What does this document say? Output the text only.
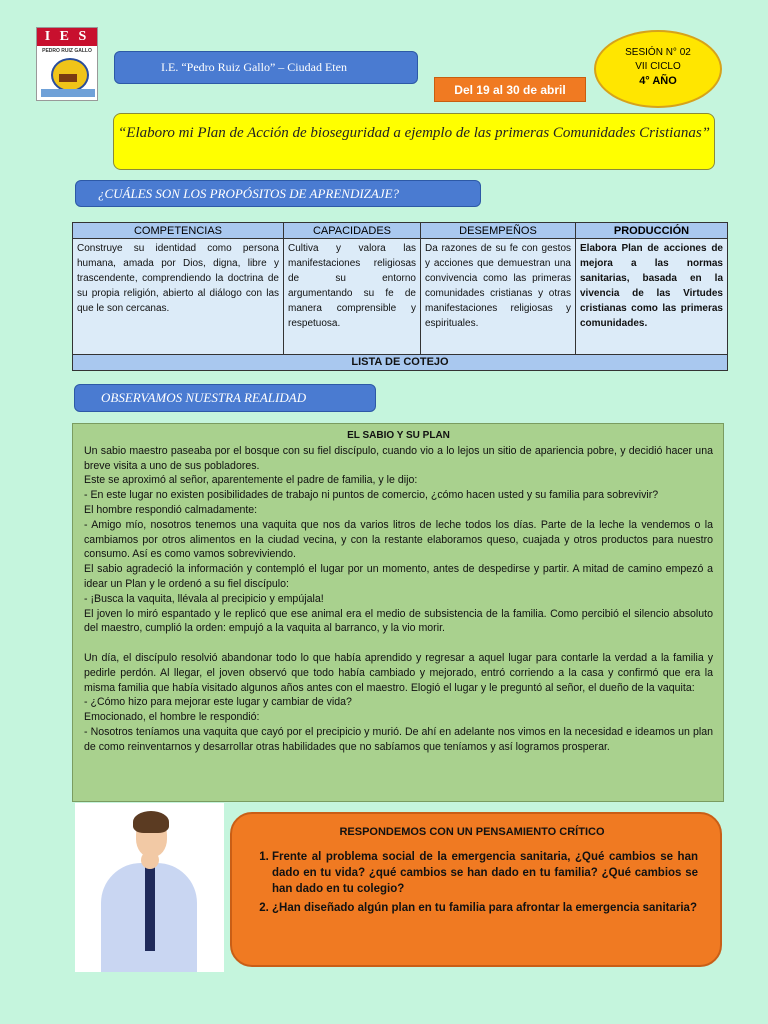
I E S
PEDRO RUIZ GALLO
I.E. “Pedro Ruiz Gallo” – Ciudad Eten
Del 19 al 30 de abril
SESIÓN N° 02
VII CICLO
4° AÑO
“Elaboro mi Plan de Acción de bioseguridad a ejemplo de las primeras Comunidades Cristianas”
¿CUÁLES SON LOS PROPÓSITOS DE APRENDIZAJE?
COMPETENCIAS	CAPACIDADES	DESEMPEÑOS	PRODUCCIÓN
Construye su identidad como persona humana, amada por Dios, digna, libre y trascendente, comprendiendo la doctrina de su propia religión, abierto al diálogo con las que le son cercanas.	Cultiva y valora las manifestaciones religiosas de su entorno argumentando su fe de manera comprensible y respetuosa.	Da razones de su fe con gestos y acciones que demuestran una convivencia como las primeras comunidades cristianas y otras manifestaciones religiosas y espirituales.	Elabora Plan de acciones de mejora a las normas sanitarias, basada en la vivencia de las Virtudes cristianas como las primeras comunidades.
LISTA DE COTEJO			
OBSERVAMOS NUESTRA REALIDAD
EL SABIO Y SU PLAN

Un sabio maestro paseaba por el bosque con su fiel discípulo, cuando vio a lo lejos un sitio de apariencia pobre, y decidió hacer una breve visita a uno de sus pobladores.

Este se aproximó al señor, aparentemente el padre de familia, y le dijo:

- En este lugar no existen posibilidades de trabajo ni puntos de comercio, ¿cómo hacen usted y su familia para sobrevivir?

El hombre respondió calmadamente:

- Amigo mío, nosotros tenemos una vaquita que nos da varios litros de leche todos los días. Parte de la leche la vendemos o la cambiamos por otros alimentos en la ciudad vecina, y con la restante elaboramos queso, cuajada y otros productos para nuestro consumo. Así es como vamos sobreviviendo.

El sabio agradeció la información y contempló el lugar por un momento, antes de despedirse y partir. A mitad de camino empezó a idear un Plan y le ordenó a su fiel discípulo:

- ¡Busca la vaquita, llévala al precipicio y empújala!

El joven lo miró espantado y le replicó que ese animal era el medio de subsistencia de la familia. Como percibió el silencio absoluto del maestro, cumplió la orden: empujó a la vaquita al barranco, y la vio morir.

Un día, el discípulo resolvió abandonar todo lo que había aprendido y regresar a aquel lugar para contarle la verdad a la familia y pedirle perdón. Al llegar, el joven observó que todo había cambiado y mejorado, entró corriendo a la casa y confirmó que era la misma familia que había visitado algunos años antes con el maestro. Elogió el lugar y le preguntó al señor, el dueño de la vaquita:

- ¿Cómo hizo para mejorar este lugar y cambiar de vida?

Emocionado, el hombre le respondió:

- Nosotros teníamos una vaquita que cayó por el precipicio y murió. De ahí en adelante nos vimos en la necesidad e ideamos un plan de como reinventarnos y desarrollar otras habilidades que no sabíamos que teníamos y así logramos prosperar.

RESPONDEMOS CON UN PENSAMIENTO CRÍTICO
1. Frente al problema social de la emergencia sanitaria, ¿Qué cambios se han dado en tu vida? ¿qué cambios se han dado en tu familia? ¿Qué cambios se han dado en tu colegio?
2. ¿Han diseñado algún plan en tu familia para afrontar la emergencia sanitaria?
